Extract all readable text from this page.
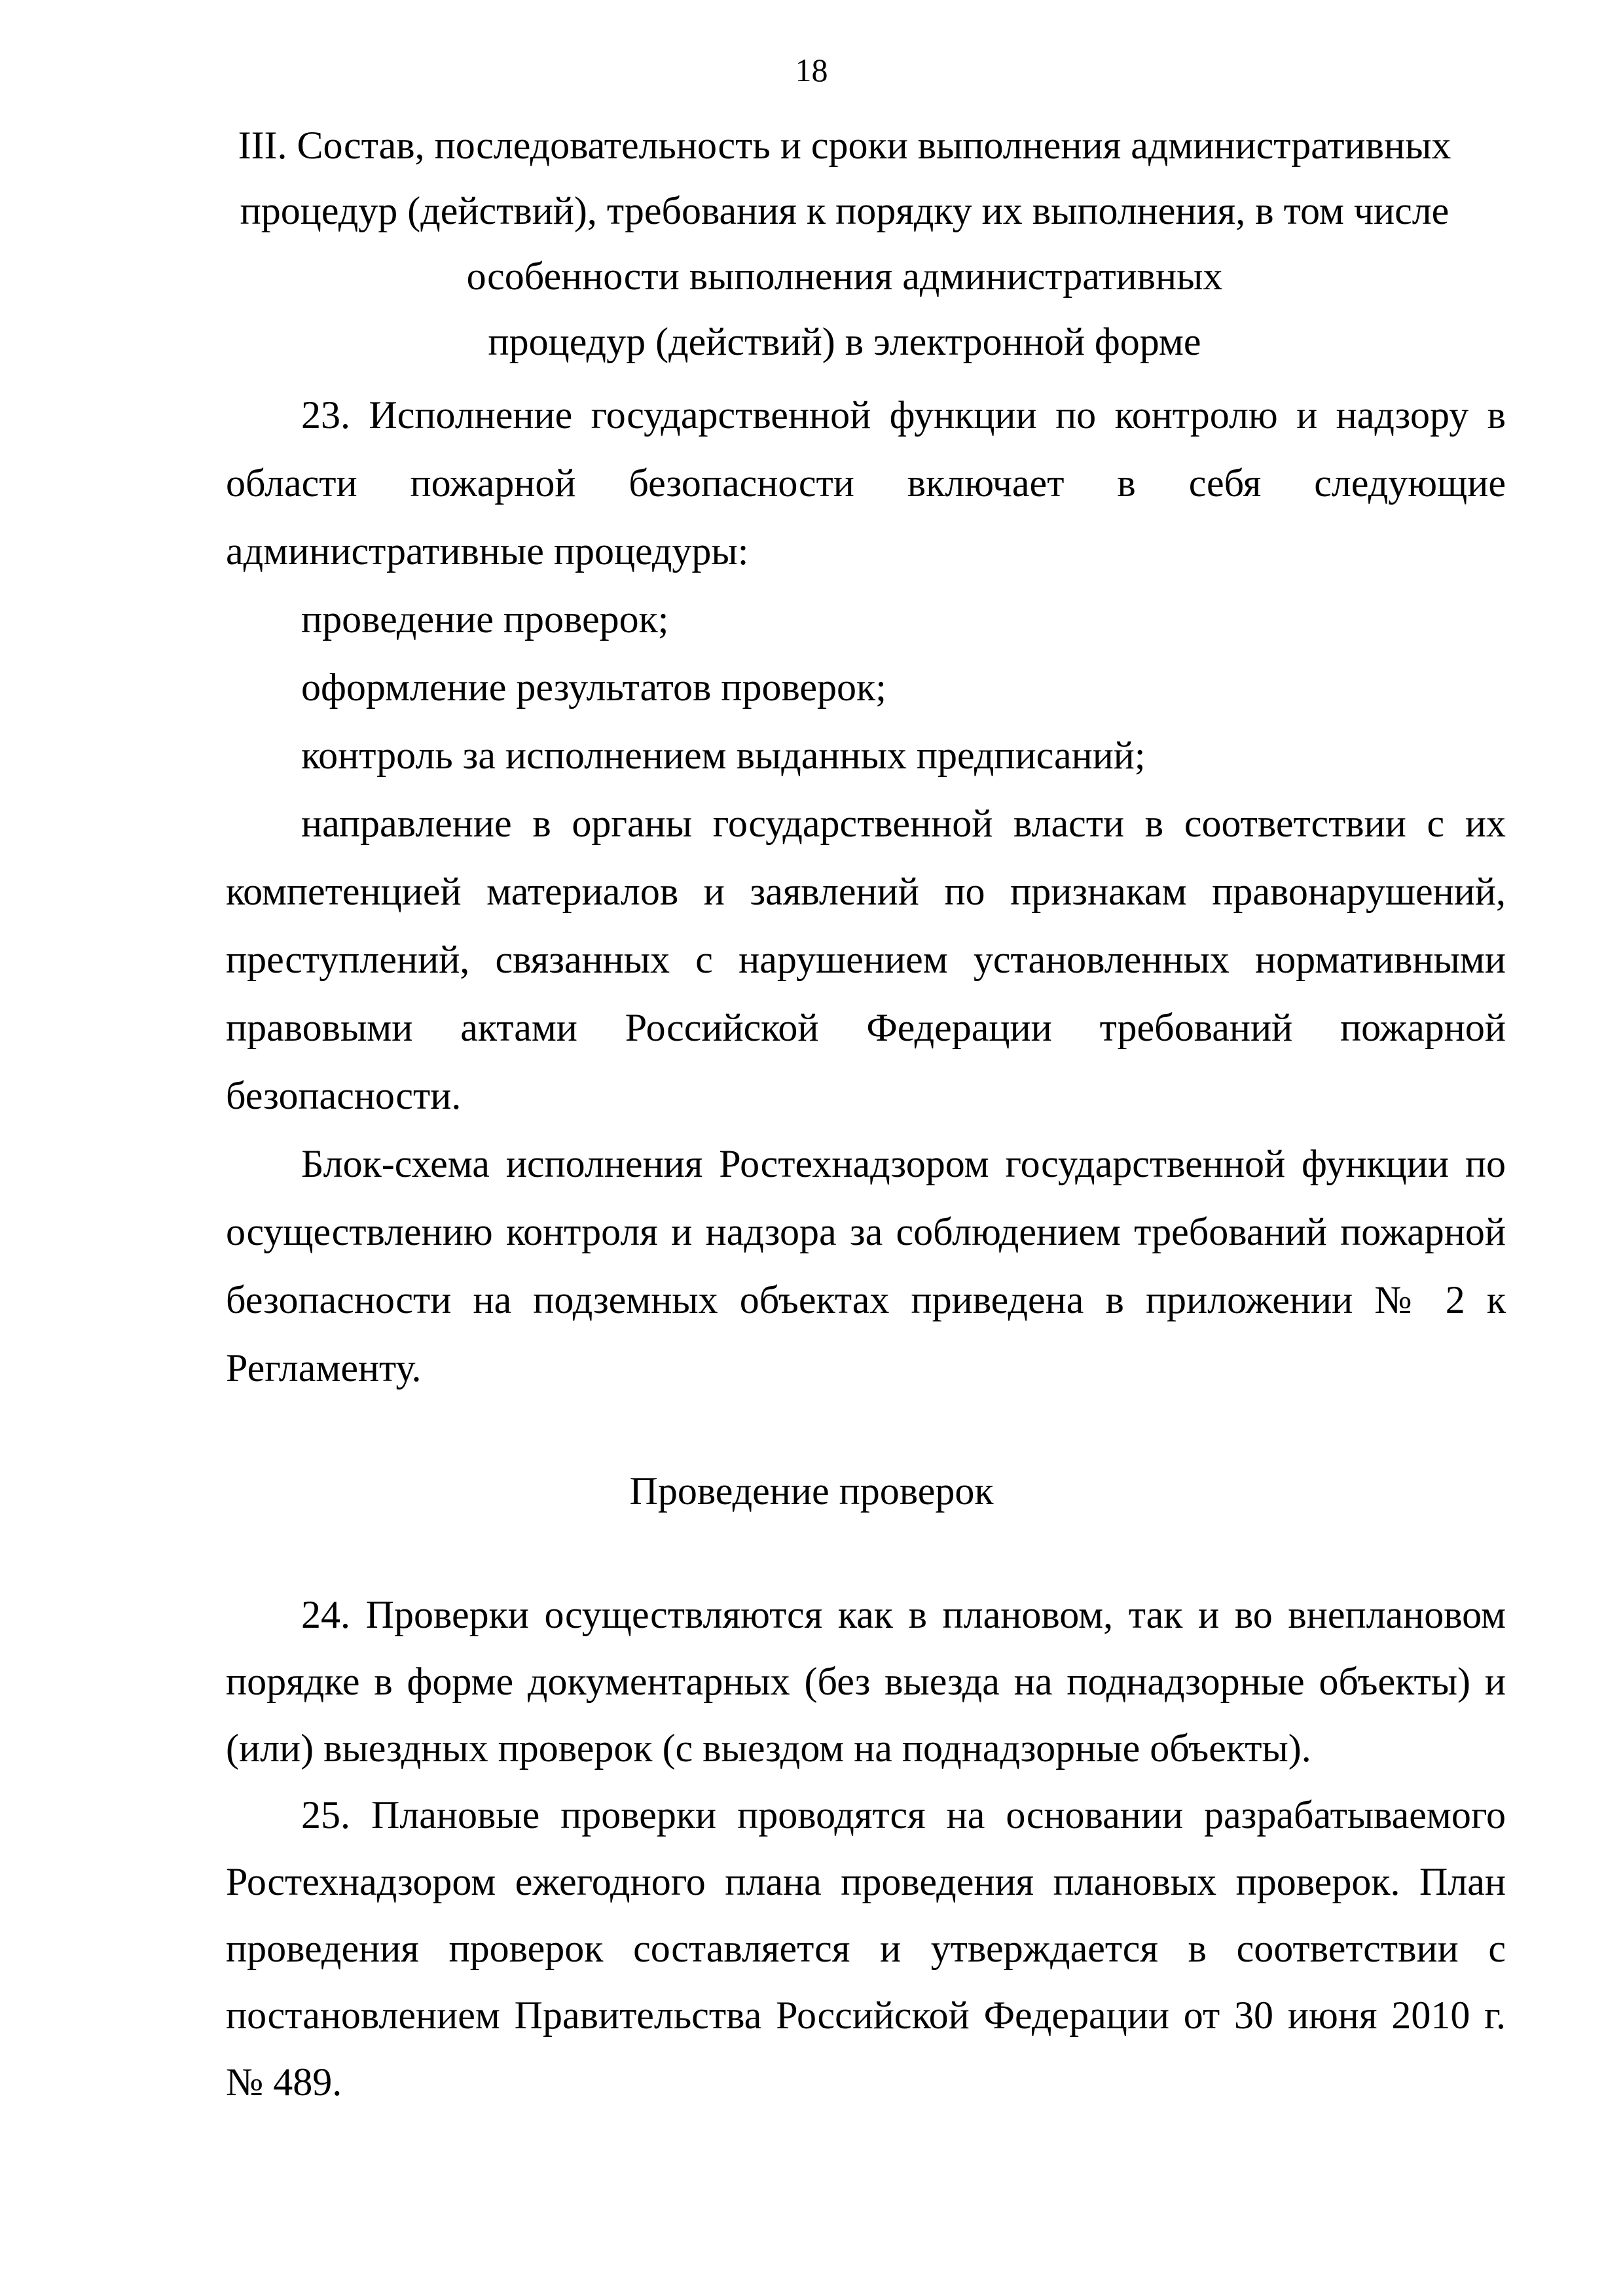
18
III. Состав, последовательность и сроки выполнения административных
процедур (действий), требования к порядку их выполнения, в том числе
особенности выполнения административных
процедур (действий) в электронной форме

23. Исполнение государственной функции по контролю и надзору в области пожарной безопасности включает в себя следующие административные процедуры:

проведение проверок;

оформление результатов проверок;

контроль за исполнением выданных предписаний;

направление в органы государственной власти в соответствии с их компетенцией материалов и заявлений по признакам правонарушений, преступлений, связанных с нарушением установленных нормативными правовыми актами Российской Федерации требований пожарной безопасности.

Блок-схема исполнения Ростехнадзором государственной функции по осуществлению контроля и надзора за соблюдением требований пожарной безопасности на подземных объектах приведена в приложении № 2 к Регламенту.

Проведение проверок

24. Проверки осуществляются как в плановом, так и во внеплановом порядке в форме документарных (без выезда на поднадзорные объекты) и (или) выездных проверок (с выездом на поднадзорные объекты).

25. Плановые проверки проводятся на основании разрабатываемого Ростехнадзором ежегодного плана проведения плановых проверок. План проведения проверок составляется и утверждается в соответствии с постановлением Правительства Российской Федерации от 30 июня 2010 г. № 489.
